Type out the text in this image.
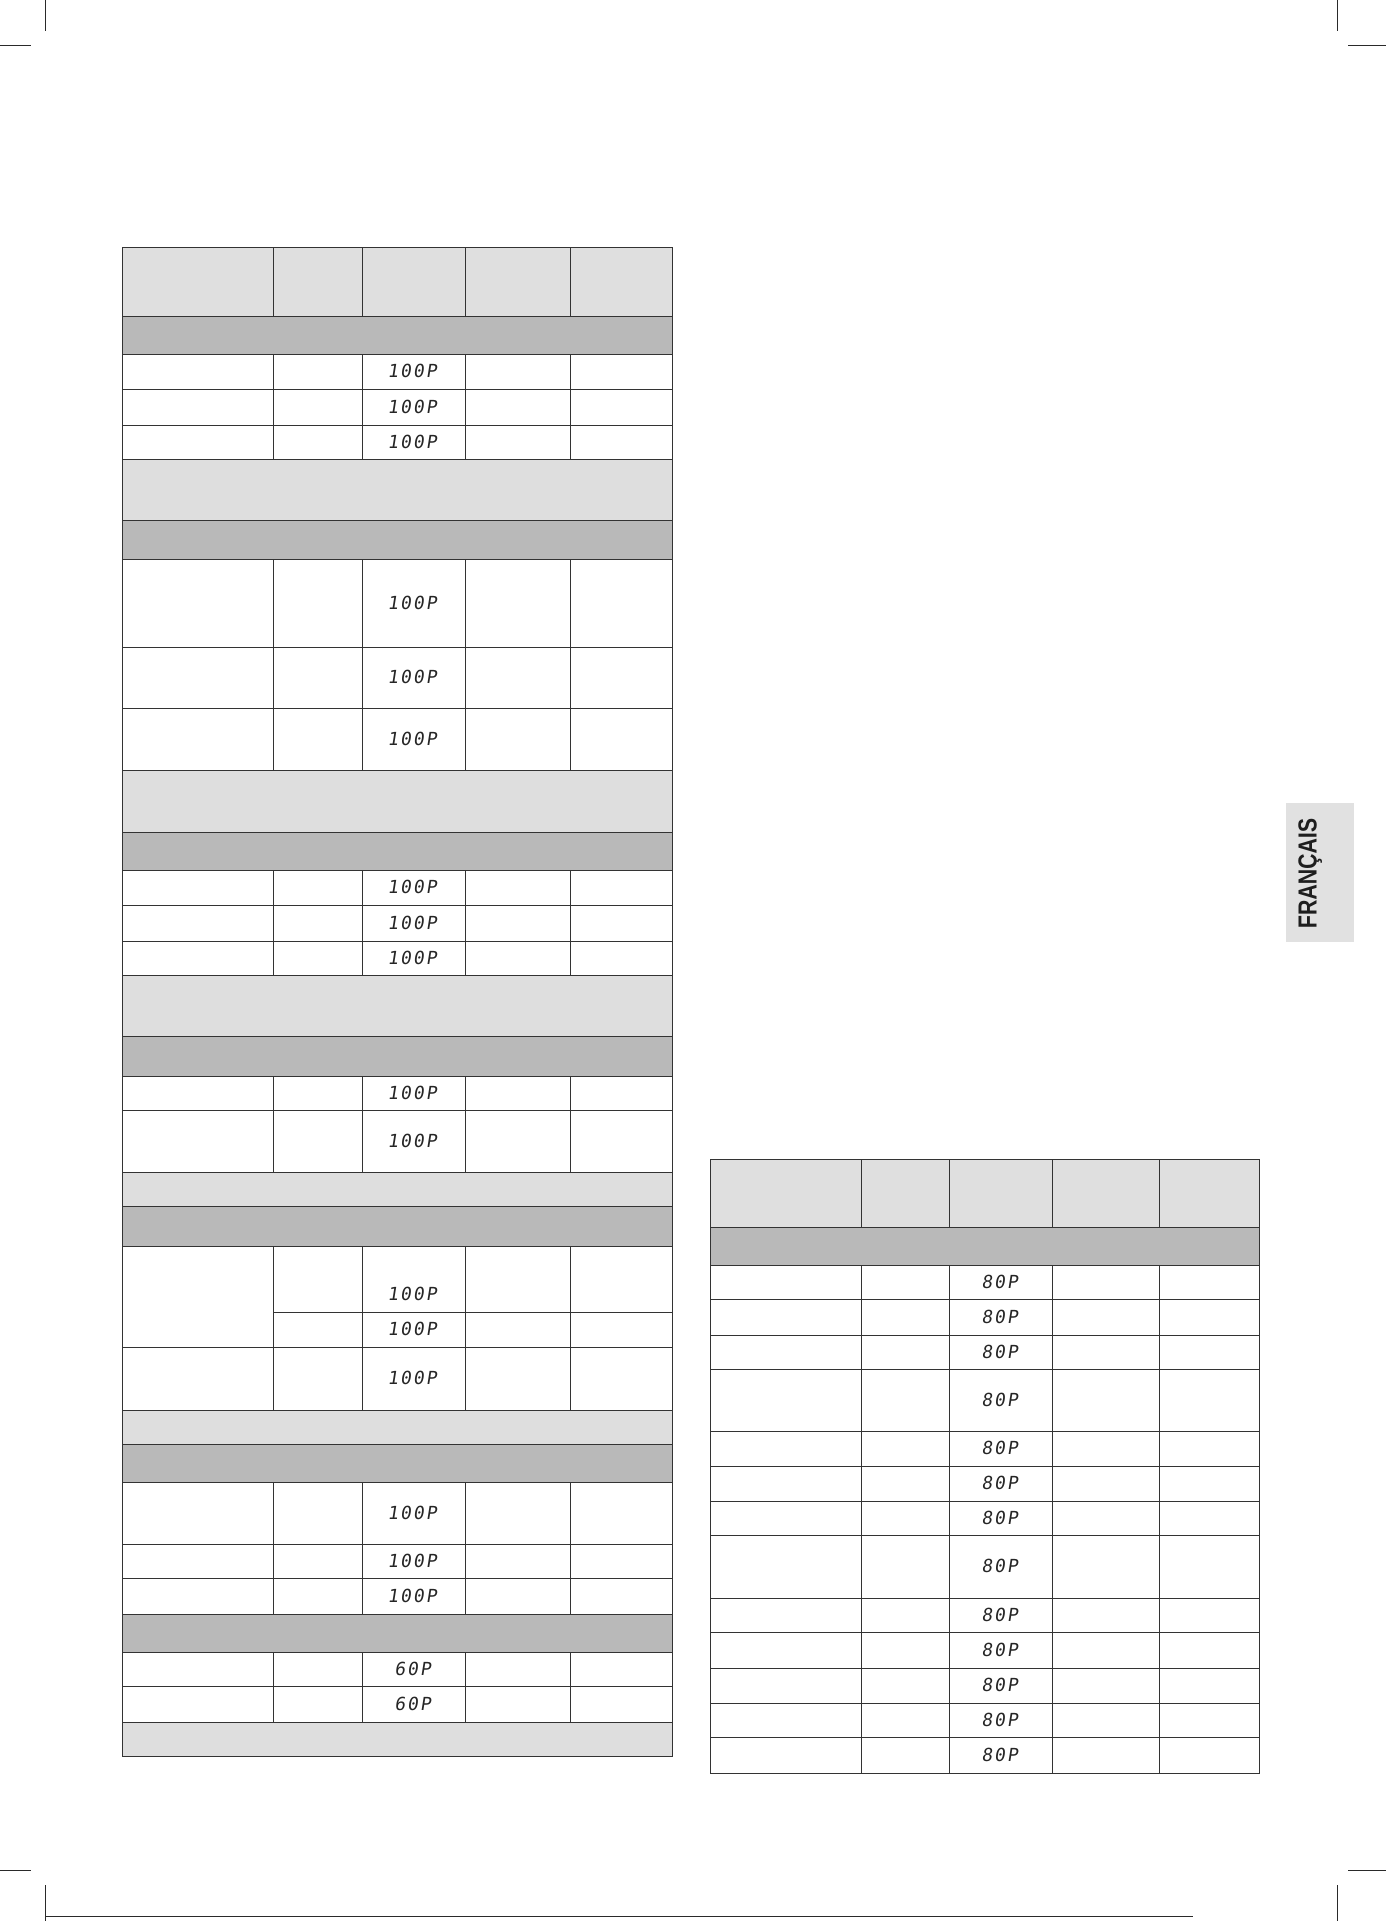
100P
100P
100P
100P
100P
100P
100P
100P
100P
100P
100P
100P
100P
100P
100P
100P
100P
60P
60P
80P
80P
80P
80P
80P
80P
80P
80P
80P
80P
80P
80P
80P
FRANÇAIS
